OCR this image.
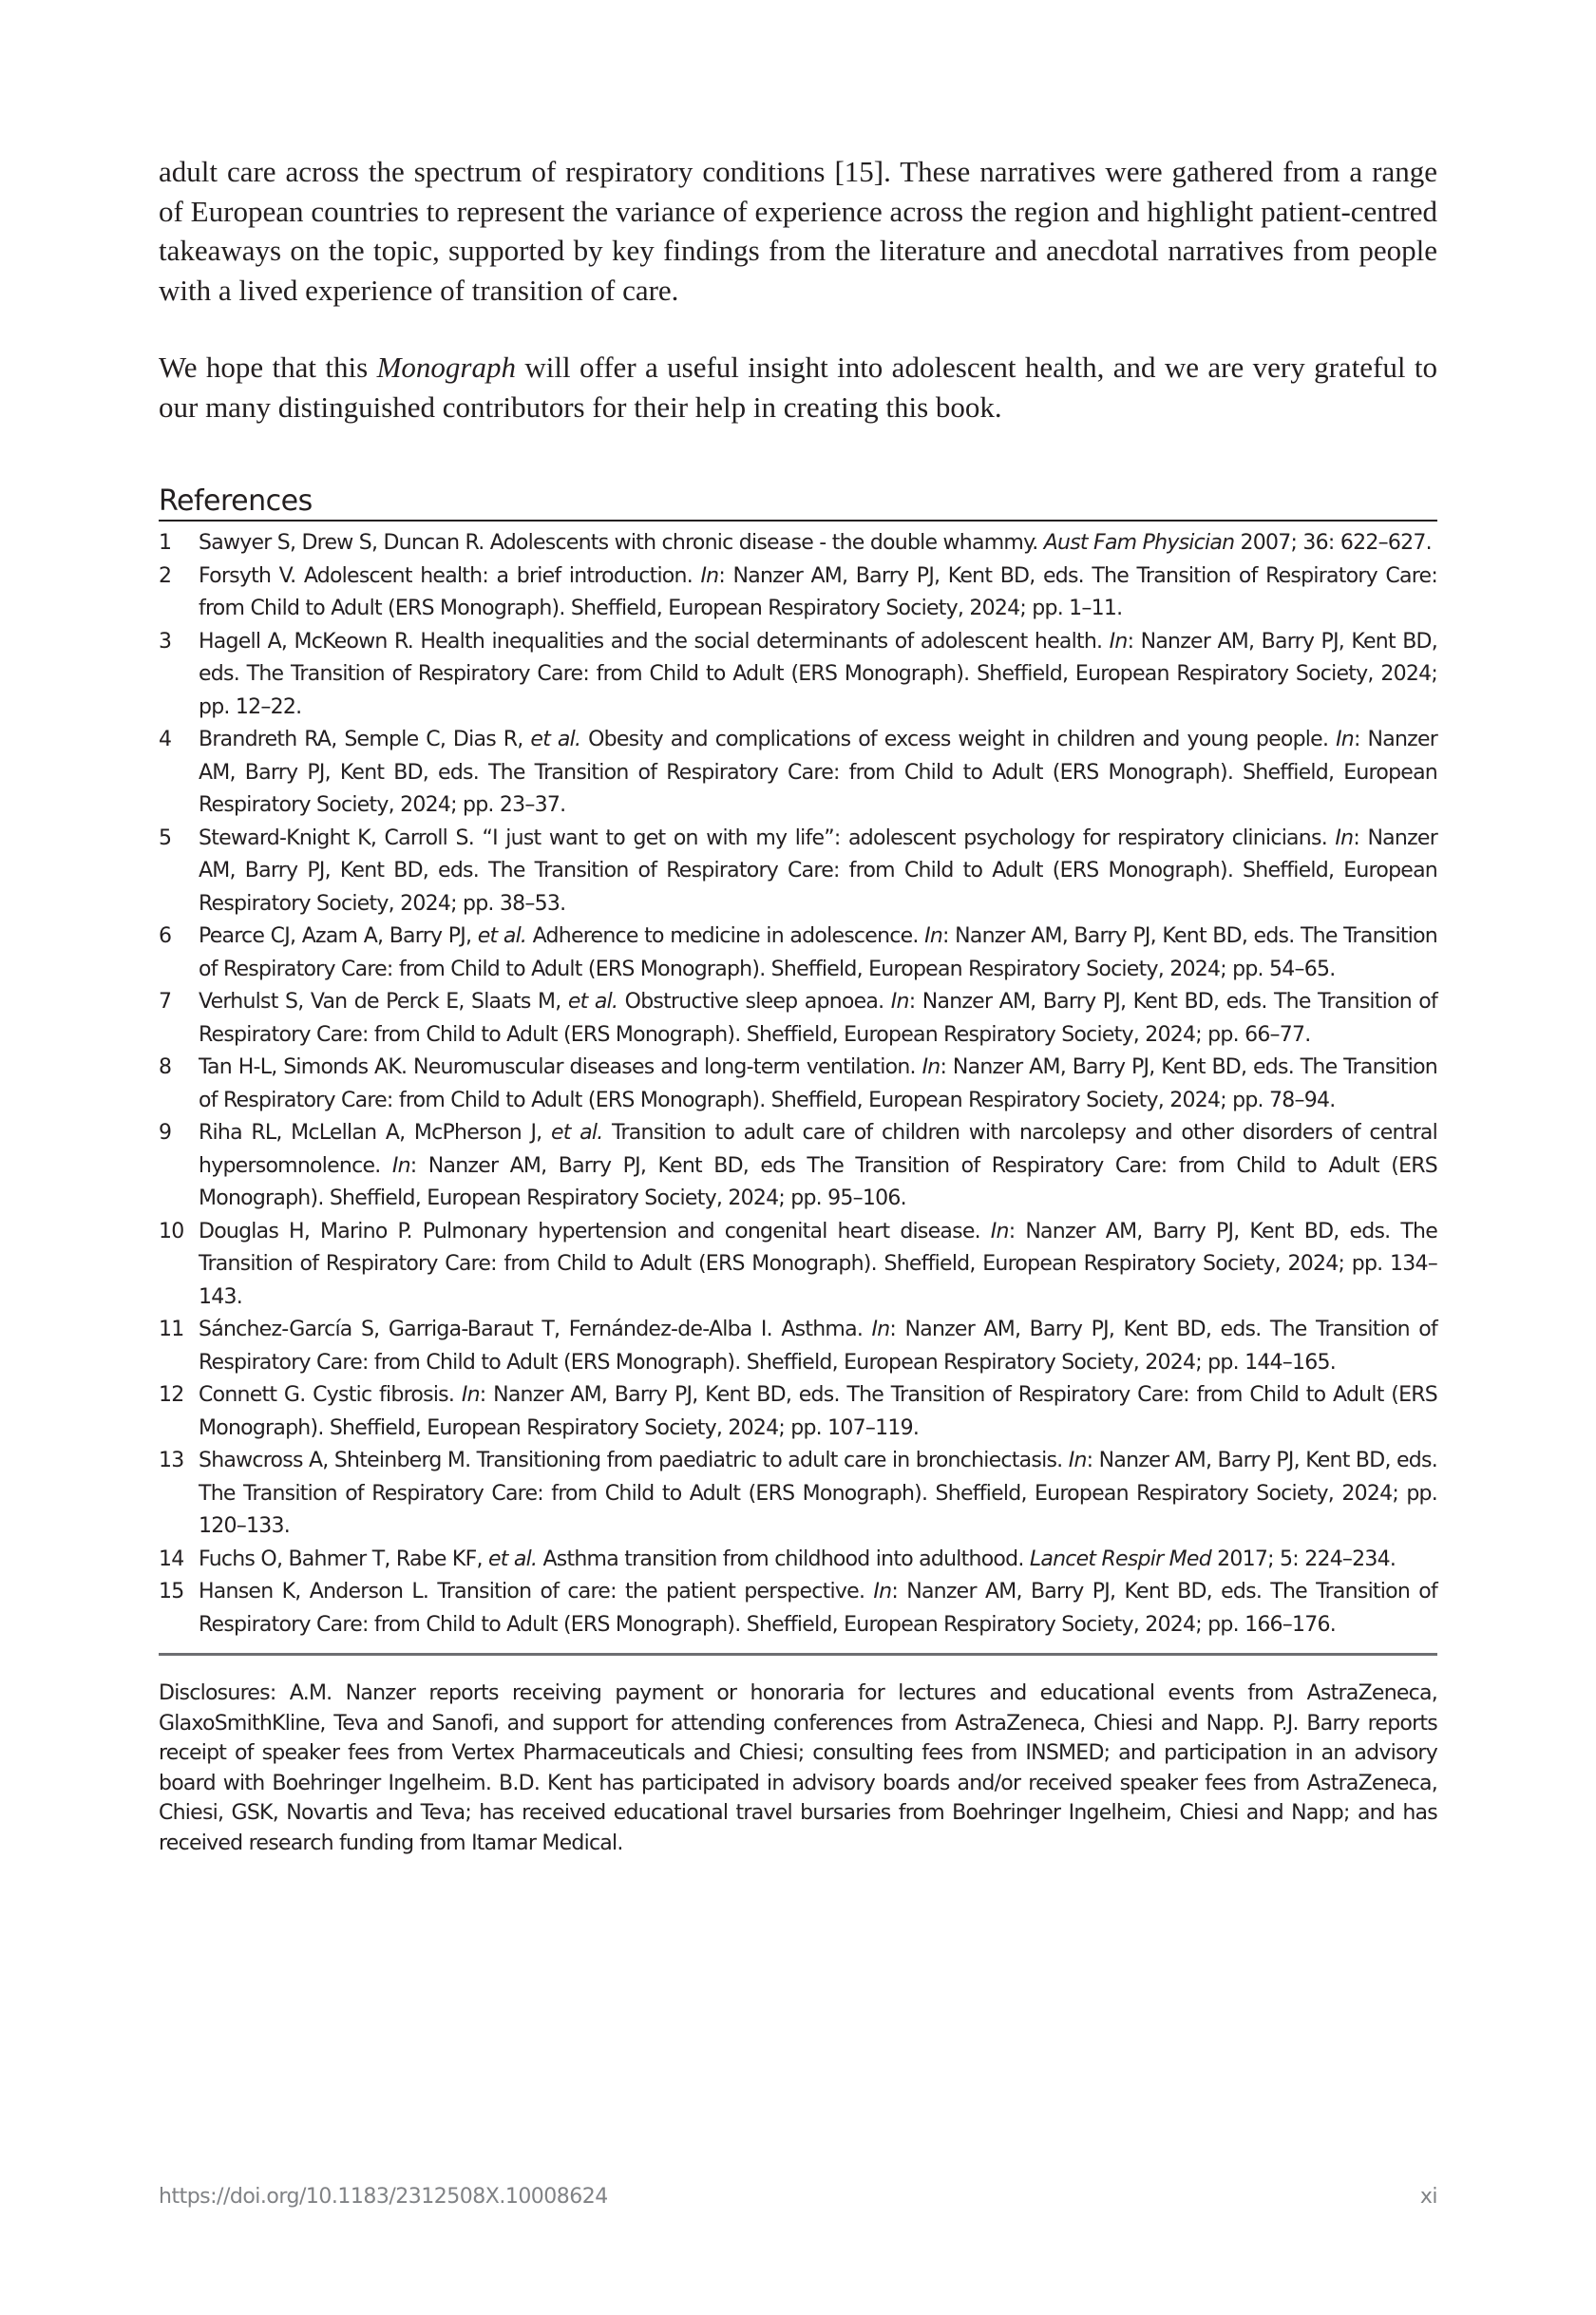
adult care across the spectrum of respiratory conditions [15]. These narratives were gathered from a range of European countries to represent the variance of experience across the region and highlight patient-centred takeaways on the topic, supported by key findings from the literature and anecdotal narratives from people with a lived experience of transition of care.

We hope that this Monograph will offer a useful insight into adolescent health, and we are very grateful to our many distinguished contributors for their help in creating this book.

References
1 Sawyer S, Drew S, Duncan R. Adolescents with chronic disease - the double whammy. Aust Fam Physician 2007; 36: 622–627.
2 Forsyth V. Adolescent health: a brief introduction. In: Nanzer AM, Barry PJ, Kent BD, eds. The Transition of Respiratory Care: from Child to Adult (ERS Monograph). Sheffield, European Respiratory Society, 2024; pp. 1–11.
3 Hagell A, McKeown R. Health inequalities and the social determinants of adolescent health. In: Nanzer AM, Barry PJ, Kent BD, eds. The Transition of Respiratory Care: from Child to Adult (ERS Monograph). Sheffield, European Respiratory Society, 2024; pp. 12–22.
4 Brandreth RA, Semple C, Dias R, et al. Obesity and complications of excess weight in children and young people. In: Nanzer AM, Barry PJ, Kent BD, eds. The Transition of Respiratory Care: from Child to Adult (ERS Monograph). Sheffield, European Respiratory Society, 2024; pp. 23–37.
5 Steward-Knight K, Carroll S. “I just want to get on with my life”: adolescent psychology for respiratory clinicians. In: Nanzer AM, Barry PJ, Kent BD, eds. The Transition of Respiratory Care: from Child to Adult (ERS Monograph). Sheffield, European Respiratory Society, 2024; pp. 38–53.
6 Pearce CJ, Azam A, Barry PJ, et al. Adherence to medicine in adolescence. In: Nanzer AM, Barry PJ, Kent BD, eds. The Transition of Respiratory Care: from Child to Adult (ERS Monograph). Sheffield, European Respiratory Society, 2024; pp. 54–65.
7 Verhulst S, Van de Perck E, Slaats M, et al. Obstructive sleep apnoea. In: Nanzer AM, Barry PJ, Kent BD, eds. The Transition of Respiratory Care: from Child to Adult (ERS Monograph). Sheffield, European Respiratory Society, 2024; pp. 66–77.
8 Tan H-L, Simonds AK. Neuromuscular diseases and long-term ventilation. In: Nanzer AM, Barry PJ, Kent BD, eds. The Transition of Respiratory Care: from Child to Adult (ERS Monograph). Sheffield, European Respiratory Society, 2024; pp. 78–94.
9 Riha RL, McLellan A, McPherson J, et al. Transition to adult care of children with narcolepsy and other disorders of central hypersomnolence. In: Nanzer AM, Barry PJ, Kent BD, eds The Transition of Respiratory Care: from Child to Adult (ERS Monograph). Sheffield, European Respiratory Society, 2024; pp. 95–106.
10 Douglas H, Marino P. Pulmonary hypertension and congenital heart disease. In: Nanzer AM, Barry PJ, Kent BD, eds. The Transition of Respiratory Care: from Child to Adult (ERS Monograph). Sheffield, European Respiratory Society, 2024; pp. 134–143.
11 Sánchez-García S, Garriga-Baraut T, Fernández-de-Alba I. Asthma. In: Nanzer AM, Barry PJ, Kent BD, eds. The Transition of Respiratory Care: from Child to Adult (ERS Monograph). Sheffield, European Respiratory Society, 2024; pp. 144–165.
12 Connett G. Cystic fibrosis. In: Nanzer AM, Barry PJ, Kent BD, eds. The Transition of Respiratory Care: from Child to Adult (ERS Monograph). Sheffield, European Respiratory Society, 2024; pp. 107–119.
13 Shawcross A, Shteinberg M. Transitioning from paediatric to adult care in bronchiectasis. In: Nanzer AM, Barry PJ, Kent BD, eds. The Transition of Respiratory Care: from Child to Adult (ERS Monograph). Sheffield, European Respiratory Society, 2024; pp. 120–133.
14 Fuchs O, Bahmer T, Rabe KF, et al. Asthma transition from childhood into adulthood. Lancet Respir Med 2017; 5: 224–234.
15 Hansen K, Anderson L. Transition of care: the patient perspective. In: Nanzer AM, Barry PJ, Kent BD, eds. The Transition of Respiratory Care: from Child to Adult (ERS Monograph). Sheffield, European Respiratory Society, 2024; pp. 166–176.

Disclosures: A.M. Nanzer reports receiving payment or honoraria for lectures and educational events from AstraZeneca, GlaxoSmithKline, Teva and Sanofi, and support for attending conferences from AstraZeneca, Chiesi and Napp. P.J. Barry reports receipt of speaker fees from Vertex Pharmaceuticals and Chiesi; consulting fees from INSMED; and participation in an advisory board with Boehringer Ingelheim. B.D. Kent has participated in advisory boards and/or received speaker fees from AstraZeneca, Chiesi, GSK, Novartis and Teva; has received educational travel bursaries from Boehringer Ingelheim, Chiesi and Napp; and has received research funding from Itamar Medical.

https://doi.org/10.1183/2312508X.10008624	xi
